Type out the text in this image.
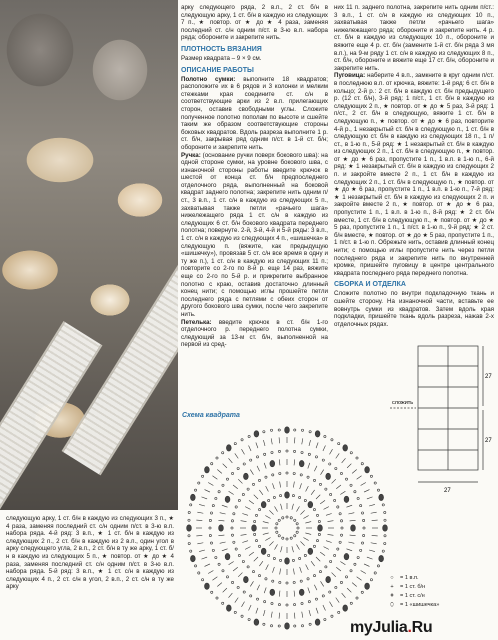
арку следующего ряда, 2 в.п., 2 ст. б/н в следующую арку, 1 ст. б/н в каждую из следующих 7 п., ★ повтор. от ★ до ★ 4 раза, заменяя последний ст. с/н одним п/ст. в 3-ю в.п. набора ряда; обороните и закрепите нить.

ПЛОТНОСТЬ ВЯЗАНИЯ

Размер квадрата – 9 × 9 см.

ОПИСАНИЕ РАБОТЫ

Полотно сумки: выполните 18 квадратов; расположите их в 6 рядов и 3 колонки и мелким стежками края соедините ст. с/н в соответствующие арки из 2 в.п. прилегающих сторон, оставив свободными углы. Сложите полученное полотно пополам по высоте и сшейте таким же образом соответствующие стороны боковых квадратов. Вдоль разреза выполните 1 р. ст. б/н, закрывая ряд одним п/ст. в 1-й ст. б/н; обороните и закрепите нить.

Ручка: (основание ручки поверх бокового шва): на одной стороне сумки, на уровне бокового шва, с изнаночной стороны работы введите крючок в шестой от конца ст. б/н предпоследнего отделочного ряда, выполненный на боковой квадрат заднего полотна; закрепите нить одним п/ст., 3 в.п., 1 ст. с/н в каждую из следующих 5 п., захватывая также петли «рачьего шага» нижележащего ряда 1 ст. с/н в каждую из следующих 6 ст. б/н бокового квадрата переднего полотна; повернуте. 2-й, 3-й, 4-й и 5-й ряды: 3 в.п., 1 ст. с/н в каждую из следующих 4 п., «шишечка» в следующую п. (вяжите, как предыдущую «шишечку»), провязав 5 ст. с/н все время в одну и ту же п.), 1 ст. с/н в каждую из следующих 11 п.; повторите со 2-го по 8-й р. еще 14 раз, вяжите еще со 2-го по 5-й р. и прикрепите выбранное полотно с краю, оставив достаточно длинный конец нити; с помощью иглы прошейте петли последнего ряда с петлями с обеих сторон от другого бокового шва сумки, после чего закрепите нить.

Петелька: введите крючок в ст. б/н 1-го отделочного р. переднего полотна сумки, следующий за 13-м ст. б/н, выполненной на первой из сред-

них 11 п. заднего полотна, закрепите нить одним п/ст.: 3 в.п., 1 ст. с/н в каждую из следующих 10 п., захватывая также петли «рачьего шага» нижележащего ряда; обороните и закрепите нить. 4 р. ст. б/н в каждую из следующих 10 п., обороните и вяжите еще 4 р. ст. б/н (замените 1-й ст. б/н ряда 3 мя в.п.), на 9-м ряду 1 ст. с/н в каждую из следующих 8 п., ст. б/н, обороните и вяжите еще 17 ст. б/н, обороните и закрепите нить.

Пуговица: наберите 4 в.п., замкните в круг одним п/ст. в последнюю в.п. от крючка, вяжите: 1-й ряд: 6 ст. б/н в кольцо; 2-й р.: 2 ст. б/н в каждую ст. б/н предыдущего р. (12 ст. б/н), 3-й ряд: 1 п/ст., 1 ст. б/н в каждую из следующих 2 п., ★ повтор. от ★ до ★ 5 раз, 3-й ряд: 1 п/ст., 2 ст. б/н в следующую, вяжите 1 ст. б/н в следующую п., ★ повтор. от ★ до ★ 6 раз, повторите 4-й р., 1 незакрытый ст. б/н в следующую п., 1 ст. б/н в следующую ст. б/н в каждую из следующих 18 п., 1 п/ст., в 1-ю п., 5-й ряд: ★ 1 незакрытый ст. б/н в каждую из следующих 2 п., 1 ст. б/н в следующую п., ★ повтор. от ★ до ★ 6 раз, пропустите 1 п., 1 в.п. в 1-ю п., 6-й ряд: ★ 1 незакрытый ст. б/н в каждую из следующих 2 п. и закройте вместе 2 п., 1 ст. б/н в каждую из следующих 2 п., 1 ст. б/н в следующую п., ★ повтор. от ★ до ★ 6 раз, пропустите 1 п., 1 в.п. в 1-ю п., 7-й ряд: ★ 1 незакрытый ст. б/н в каждую из следующих 2 п. и закройте вместе 2 п., ★ повтор. от ★ до ★ 6 раз, пропустите 1 п., 1 в.п. в 1-ю п., 8-й ряд: ★ 2 ст. б/н вместе, 1 ст. б/н в следующую п., ★ повтор. от ★ до ★ 5 раз, пропустите 1 п., 1 п/ст. в 1-ю п., 9-й ряд: ★ 2 ст. б/н вместе, ★ повтор. от ★ до ★ 5 раз, пропустите 1 п., 1 п/ст. в 1-ю п. Обрежьте нить, оставив длинный конец нити; с помощью иглы пропустите нить через петли последнего ряда и закрепите нить по внутренней кромке, пришейте пуговицу в центре центрального квадрата последнего ряда переднего полотна.

СБОРКА И ОТДЕЛКА

Сложите полотно по внутри подкладочную ткань и сшейте сторону. На изнаночной части, вставьте ее вовнутрь сумки из квадратов. Затем вдоль края подкладки, пришейте ткань вдоль разреза, нажав 2-х отделочных рядах.

следующую арку, 1 ст. б/н в каждую из следующих 3 п., ★ 4 раза, заменяя последний ст. с/н одним п/ст. в 3-ю в.п. набора ряда. 4-й ряд: 3 в.п., ★ 1 ст. б/н в каждую из следующих 2 п., 2 ст. б/н в каждую из 2 в.п., один угол в арку следующего угла, 2 в.п., 2 ст. б/н в ту же арку, 1 ст. б/н в каждую из следующих 5 п., ★ повтор. от ★ до ★ 4 раза, заменяя последний ст. с/н одним п/ст. в 3-ю в.п. набора ряда. 5-й ряд: 3 в.п., ★ 1 ст. с/н в каждую из следующих 4 п., 2 ст. с/н в угол, 2 в.п., 2 ст. с/н в ту же арку

Схема квадрата
сложить
27
27
27
○	= 1 в.п.
+	= 1 ст. б/н
ǂ	= 1 ст. с/н
⬯	= 1 «шишечка»
myJulia.Ru
